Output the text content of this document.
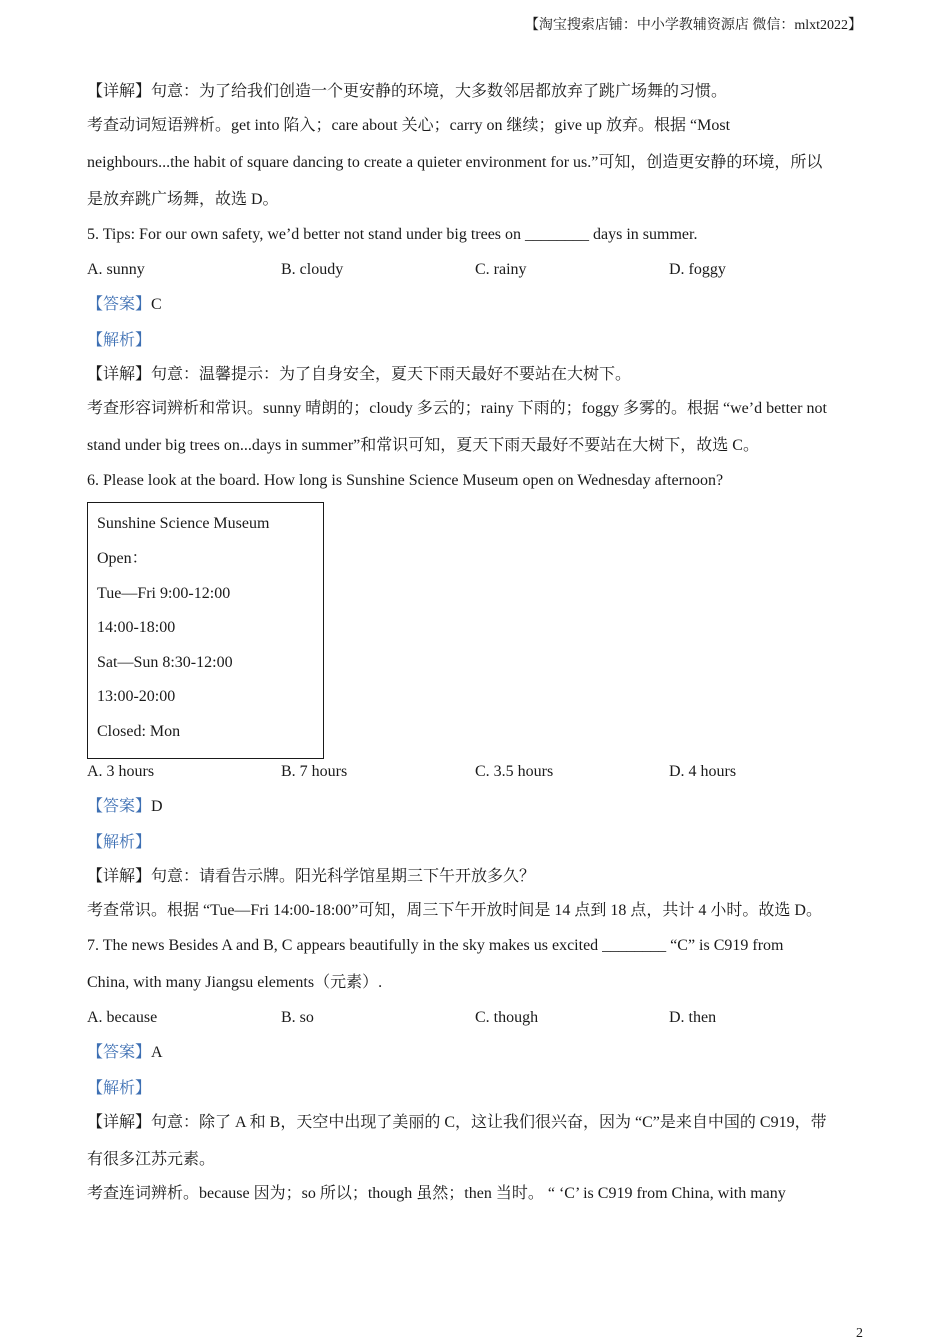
【淘宝搜索店铺：中小学教辅资源店 微信：mlxt2022】
【详解】句意：为了给我们创造一个更安静的环境，大多数邻居都放弃了跳广场舞的习惯。
考查动词短语辨析。get into 陷入；care about 关心；carry on 继续；give up 放弃。根据 “Most
neighbours...the habit of square dancing to create a quieter environment for us.”可知，创造更安静的环境，所以
是放弃跳广场舞，故选 D。
5. Tips: For our own safety, we’d better not stand under big trees on ________ days in summer.
A. sunny	B. cloudy	C. rainy	D. foggy
【答案】C
【解析】
【详解】句意：温馨提示：为了自身安全，夏天下雨天最好不要站在大树下。
考查形容词辨析和常识。sunny 晴朗的；cloudy 多云的；rainy 下雨的；foggy 多雾的。根据 “we’d better not
stand under big trees on...days in summer”和常识可知，夏天下雨天最好不要站在大树下，故选 C。
6. Please look at the board. How long is Sunshine Science Museum open on Wednesday afternoon?
Sunshine Science Museum
Open：
Tue—Fri 9:00-12:00
14:00-18:00
Sat—Sun 8:30-12:00
13:00-20:00
Closed: Mon
A. 3 hours	B. 7 hours	C. 3.5 hours	D. 4 hours
【答案】D
【解析】
【详解】句意：请看告示牌。阳光科学馆星期三下午开放多久？
考查常识。根据 “Tue—Fri 14:00-18:00”可知，周三下午开放时间是 14 点到 18 点，共计 4 小时。故选 D。
7. The news Besides A and B, C appears beautifully in the sky makes us excited ________ “C” is C919 from
China, with many Jiangsu elements（元素）.
A. because	B. so	C. though	D. then
【答案】A
【解析】
【详解】句意：除了 A 和 B，天空中出现了美丽的 C，这让我们很兴奋，因为 “C”是来自中国的 C919，带
有很多江苏元素。
考查连词辨析。because 因为；so 所以；though 虽然；then 当时。 “ ‘C’ is C919 from China, with many
2
